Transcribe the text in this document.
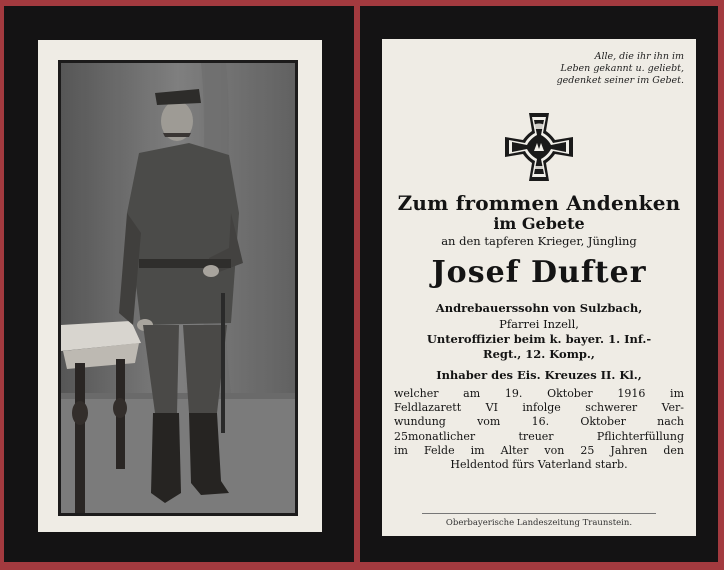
Alle, die ihr ihn im
Leben gekannt u. geliebt,
gedenket seiner im Gebet.
Zum frommen Andenken
im Gebete
an den tapferen Krieger, Jüngling
Josef Dufter
Andrebauerssohn von Sulzbach,
Pfarrei Inzell,
Unteroffizier beim k. bayer. 1. Inf.-
Regt., 12. Komp.,
Inhaber des Eis. Kreuzes II. Kl.,
welcher am 19. Oktober 1916 im
Feldlazarett VI infolge schwerer Ver-
wundung vom 16. Oktober nach
25monatlicher treuer Pflichterfüllung
im Felde im Alter von 25 Jahren den
Heldentod fürs Vaterland starb.
Oberbayerische Landeszeitung Traunstein.
